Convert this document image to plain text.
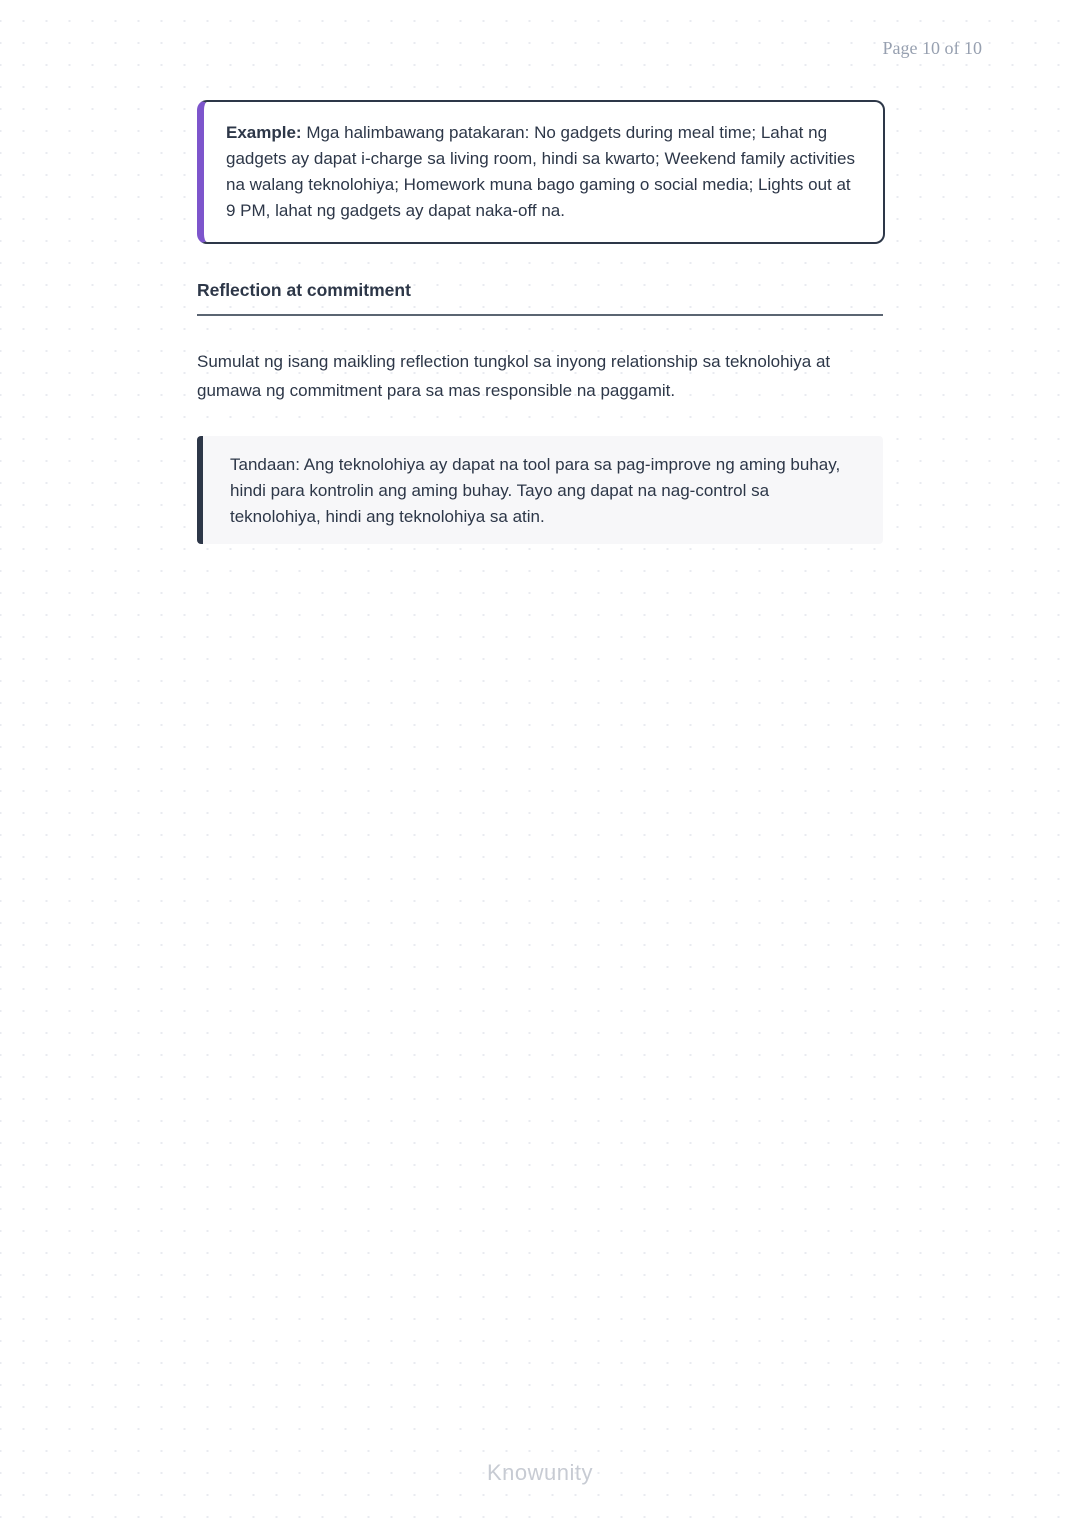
Page 10 of 10
Example: Mga halimbawang patakaran: No gadgets during meal time; Lahat ng gadgets ay dapat i-charge sa living room, hindi sa kwarto; Weekend family activities na walang teknolohiya; Homework muna bago gaming o social media; Lights out at 9 PM, lahat ng gadgets ay dapat naka-off na.
Reflection at commitment
Sumulat ng isang maikling reflection tungkol sa inyong relationship sa teknolohiya at gumawa ng commitment para sa mas responsible na paggamit.
Tandaan: Ang teknolohiya ay dapat na tool para sa pag-improve ng aming buhay, hindi para kontrolin ang aming buhay. Tayo ang dapat na nag-control sa teknolohiya, hindi ang teknolohiya sa atin.
Knowunity
